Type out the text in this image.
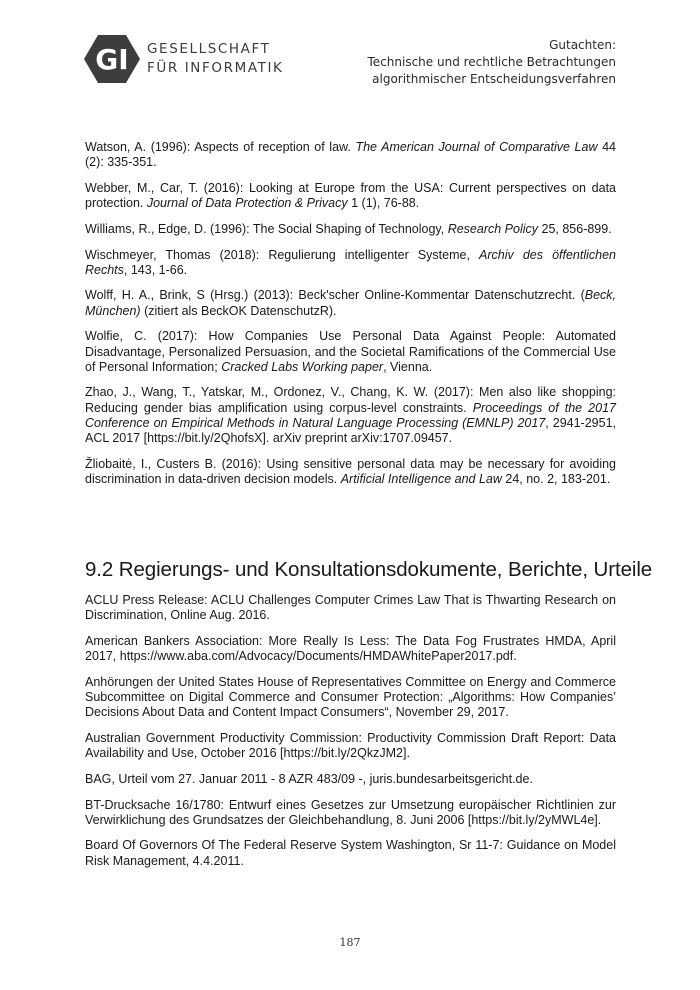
GI GESELLSCHAFT
FÜR INFORMATIK
Gutachten:
Technische und rechtliche Betrachtungen
algorithmischer Entscheidungsverfahren

Watson, A. (1996): Aspects of reception of law. The American Journal of Comparative Law 44 (2): 335-351.

Webber, M., Car, T. (2016): Looking at Europe from the USA: Current perspectives on data protection. Journal of Data Protection & Privacy 1 (1), 76-88.

Williams, R., Edge, D. (1996): The Social Shaping of Technology, Research Policy 25, 856-899.

Wischmeyer, Thomas (2018): Regulierung intelligenter Systeme, Archiv des öffentlichen Rechts, 143, 1-66.

Wolff, H. A., Brink, S (Hrsg.) (2013): Beck'scher Online-Kommentar Datenschutzrecht. (Beck, München) (zitiert als BeckOK DatenschutzR).

Wolfie, C. (2017): How Companies Use Personal Data Against People: Automated Disadvantage, Personalized Persuasion, and the Societal Ramifications of the Commercial Use of Personal Information; Cracked Labs Working paper, Vienna.

Zhao, J., Wang, T., Yatskar, M., Ordonez, V., Chang, K. W. (2017): Men also like shopping: Reducing gender bias amplification using corpus-level constraints. Proceedings of the 2017 Conference on Empirical Methods in Natural Language Processing (EMNLP) 2017, 2941-2951, ACL 2017 [https://bit.ly/2QhofsX]. arXiv preprint arXiv:1707.09457.

Žliobaitė, I., Custers B. (2016): Using sensitive personal data may be necessary for avoiding discrimination in data-driven decision models. Artificial Intelligence and Law 24, no. 2, 183-201.

9.2 Regierungs- und Konsultationsdokumente, Berichte, Urteile

ACLU Press Release: ACLU Challenges Computer Crimes Law That is Thwarting Research on Discrimination, Online Aug. 2016.

American Bankers Association: More Really Is Less: The Data Fog Frustrates HMDA, April 2017, https://www.aba.com/Advocacy/Documents/HMDAWhitePaper2017.pdf.

Anhörungen der United States House of Representatives Committee on Energy and Commerce Subcommittee on Digital Commerce and Consumer Protection: „Algorithms: How Companies’ Decisions About Data and Content Impact Consumers“, November 29, 2017.

Australian Government Productivity Commission: Productivity Commission Draft Report: Data Availability and Use, October 2016 [https://bit.ly/2QkzJM2].

BAG, Urteil vom 27. Januar 2011 - 8 AZR 483/09 -, juris.bundesarbeitsgericht.de.

BT-Drucksache 16/1780: Entwurf eines Gesetzes zur Umsetzung europäischer Richtlinien zur Verwirklichung des Grundsatzes der Gleichbehandlung, 8. Juni 2006 [https://bit.ly/2yMWL4e].

Board Of Governors Of The Federal Reserve System Washington, Sr 11-7: Guidance on Model Risk Management, 4.4.2011.

187
